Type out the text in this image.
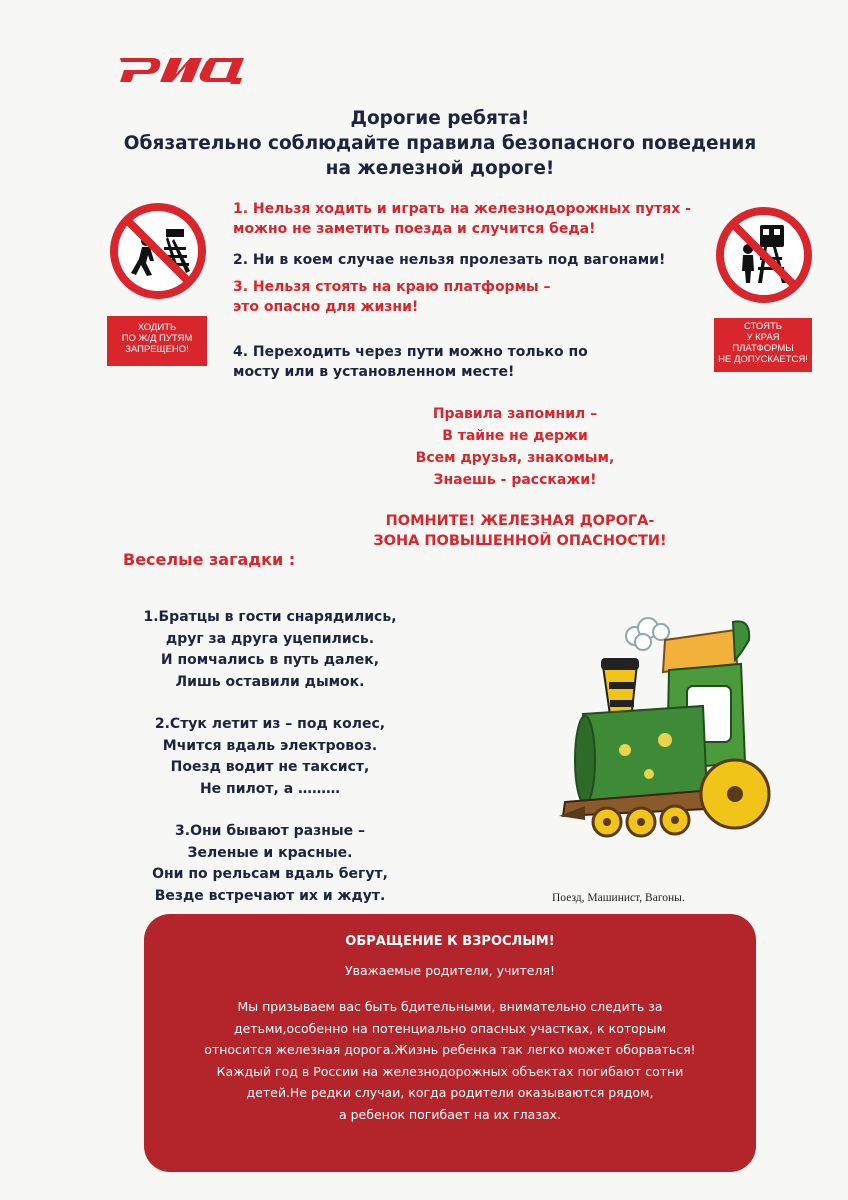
Дорогие ребята!
Обязательно соблюдайте правила безопасного поведения
на железной дороге!
ХОДИТЬ
ПО Ж/Д ПУТЯМ
ЗАПРЕЩЕНО!
СТОЯТЬ
У КРАЯ
ПЛАТФОРМЫ
НЕ ДОПУСКАЕТСЯ!
1. Нельзя ходить и играть на железнодорожных путях -
можно не заметить поезда и случится беда!
2. Ни в коем случае нельзя пролезать под вагонами!
3. Нельзя стоять на краю платформы –
это опасно для жизни!
4. Переходить через пути можно только по
мосту или в установленном месте!
Правила запомнил –
В тайне не держи
Всем друзья, знакомым,
Знаешь - расскажи!
ПОМНИТЕ! ЖЕЛЕЗНАЯ ДОРОГА-
ЗОНА ПОВЫШЕННОЙ ОПАСНОСТИ!
Веселые загадки :
1.Братцы в гости снарядились,
друг за друга уцепились.
И помчались в путь далек,
Лишь оставили дымок.
2.Стук летит из – под колес,
Мчится вдаль электровоз.
Поезд водит не таксист,
Не пилот, а ………
3.Они бывают разные –
Зеленые и красные.
Они по рельсам вдаль бегут,
Везде встречают их и ждут.	Поезд, Машинист, Вагоны.
ОБРАЩЕНИЕ К ВЗРОСЛЫМ!
Уважаемые родители, учителя!
Мы призываем вас быть бдительными, внимательно следить за
детьми,особенно на потенциально опасных участках, к которым
относится железная дорога.Жизнь ребенка так легко может оборваться!
Каждый год в России на железнодорожных объектах погибают сотни
детей.Не редки случаи, когда родители оказываются рядом,
а ребенок погибает на их глазах.
